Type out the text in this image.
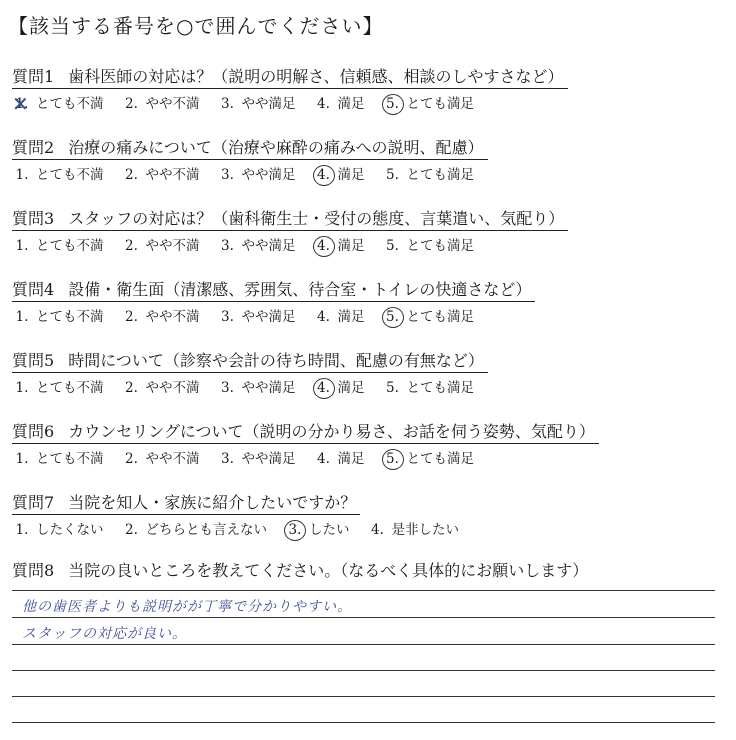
【該当する番号を○で囲んでください】
質問1 歯科医師の対応は？（説明の明解さ、信頼感、相談のしやすさなど）
1. ✕ とても不満 2. やや不満 3. やや満足 4. 満足 5. とても満足
質問2 治療の痛みについて（治療や麻酔の痛みへの説明、配慮）
1. とても不満 2. やや不満 3. やや満足 4. 満足 5. とても満足
質問3 スタッフの対応は？（歯科衛生士・受付の態度、言葉遣い、気配り）
1. とても不満 2. やや不満 3. やや満足 4. 満足 5. とても満足
質問4 設備・衛生面（清潔感、雰囲気、待合室・トイレの快適さなど）
1. とても不満 2. やや不満 3. やや満足 4. 満足 5. とても満足
質問5 時間について（診察や会計の待ち時間、配慮の有無など）
1. とても不満 2. やや不満 3. やや満足 4. 満足 5. とても満足
質問6 カウンセリングについて（説明の分かり易さ、お話を伺う姿勢、気配り）
1. とても不満 2. やや不満 3. やや満足 4. 満足 5. とても満足
質問7 当院を知人・家族に紹介したいですか？
1. したくない 2. どちらとも言えない 3. したい 4. 是非したい
質問8 当院の良いところを教えてください。（なるべく具体的にお願いします）
他の歯医者よりも説明がが丁寧で分かりやすい。
スタッフの対応が良い。
